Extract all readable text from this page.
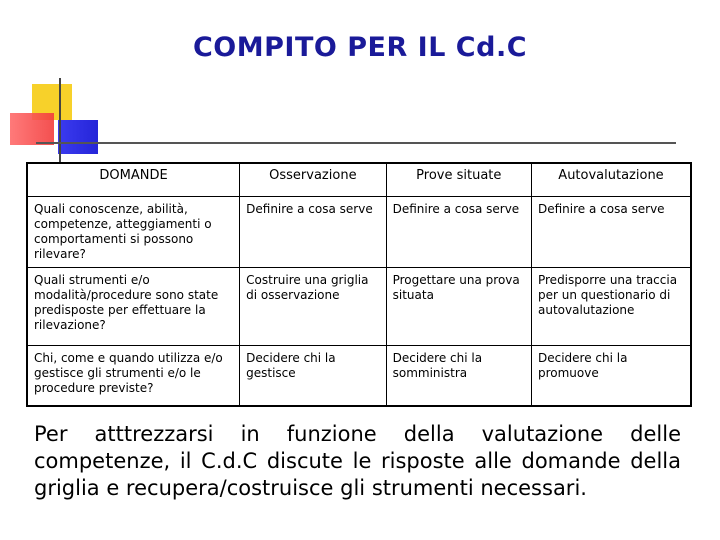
COMPITO PER IL Cd.C
DOMANDE	Osservazione	Prove situate	Autovalutazione
Quali conoscenze, abilità, competenze, atteggiamenti o comportamenti si possono rilevare?	Definire a cosa serve	Definire a cosa serve	Definire a cosa serve
Quali strumenti e/o modalità/procedure sono state predisposte per effettuare la rilevazione?	Costruire una griglia di osservazione	Progettare una prova situata	Predisporre una traccia per un questionario di autovalutazione
Chi, come e quando utilizza e/o gestisce gli strumenti e/o le procedure previste?	Decidere chi la gestisce	Decidere chi la somministra	Decidere chi la promuove
Per atttrezzarsi in funzione della valutazione delle competenze, il C.d.C discute le risposte alle domande della griglia e recupera/costruisce gli strumenti necessari.
